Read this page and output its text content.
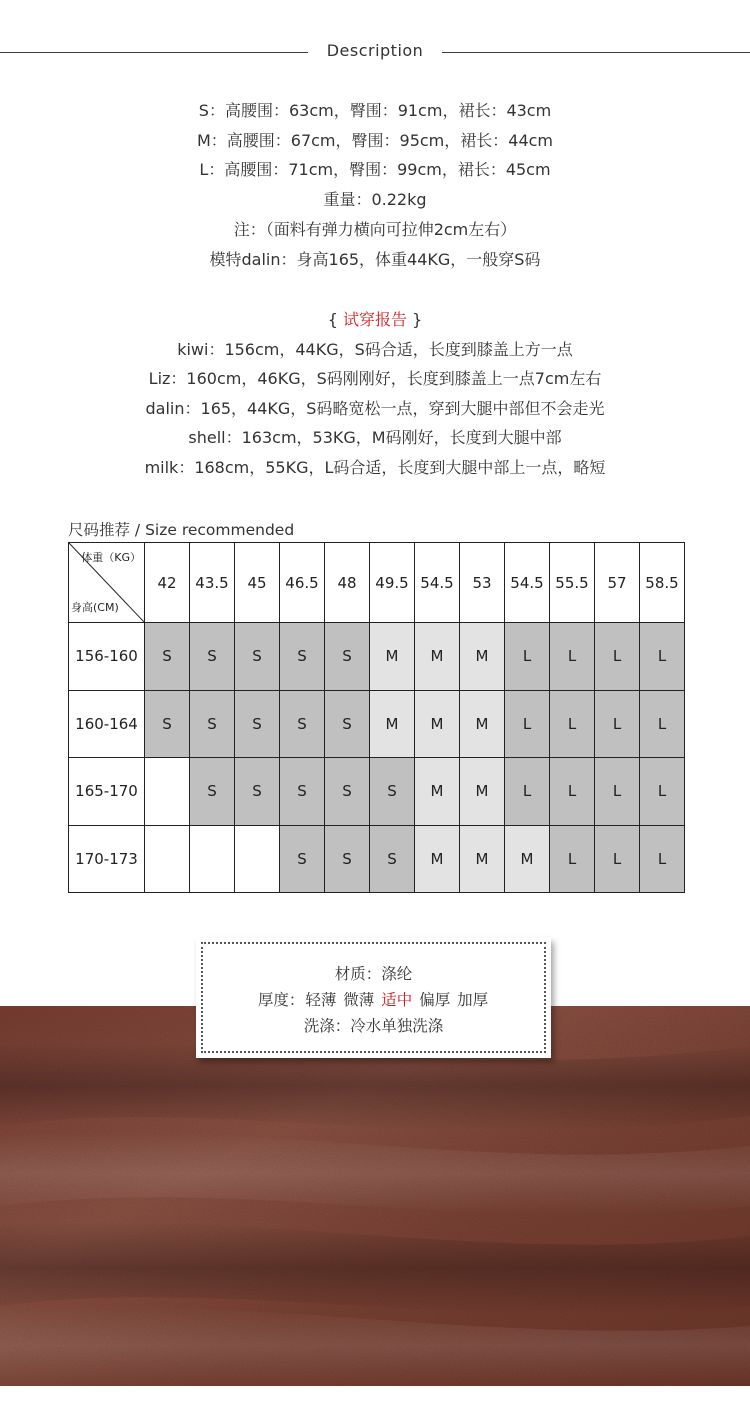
Description
S：高腰围：63cm，臀围：91cm，裙长：43cm
M：高腰围：67cm，臀围：95cm，裙长：44cm
L：高腰围：71cm，臀围：99cm，裙长：45cm
重量：0.22kg
注：（面料有弹力横向可拉伸2cm左右）
模特dalin：身高165，体重44KG，一般穿S码
{ 试穿报告 }
kiwi：156cm，44KG，S码合适，长度到膝盖上方一点
Liz：160cm，46KG，S码刚刚好，长度到膝盖上一点7cm左右
dalin：165，44KG，S码略宽松一点，穿到大腿中部但不会走光
shell：163cm，53KG，M码刚好，长度到大腿中部
milk：168cm，55KG，L码合适，长度到大腿中部上一点，略短
尺码推荐 / Size recommended
体重（KG）
身高(CM)	42	43.5	45	46.5	48	49.5	54.5	53	54.5	55.5	57	58.5
156-160	S	S	S	S	S	M	M	M	L	L	L	L
160-164	S	S	S	S	S	M	M	M	L	L	L	L
165-170		S	S	S	S	S	M	M	L	L	L	L
170-173				S	S	S	M	M	M	L	L	L
材质：涤纶
厚度：轻薄 微薄 适中 偏厚 加厚
洗涤：冷水单独洗涤
